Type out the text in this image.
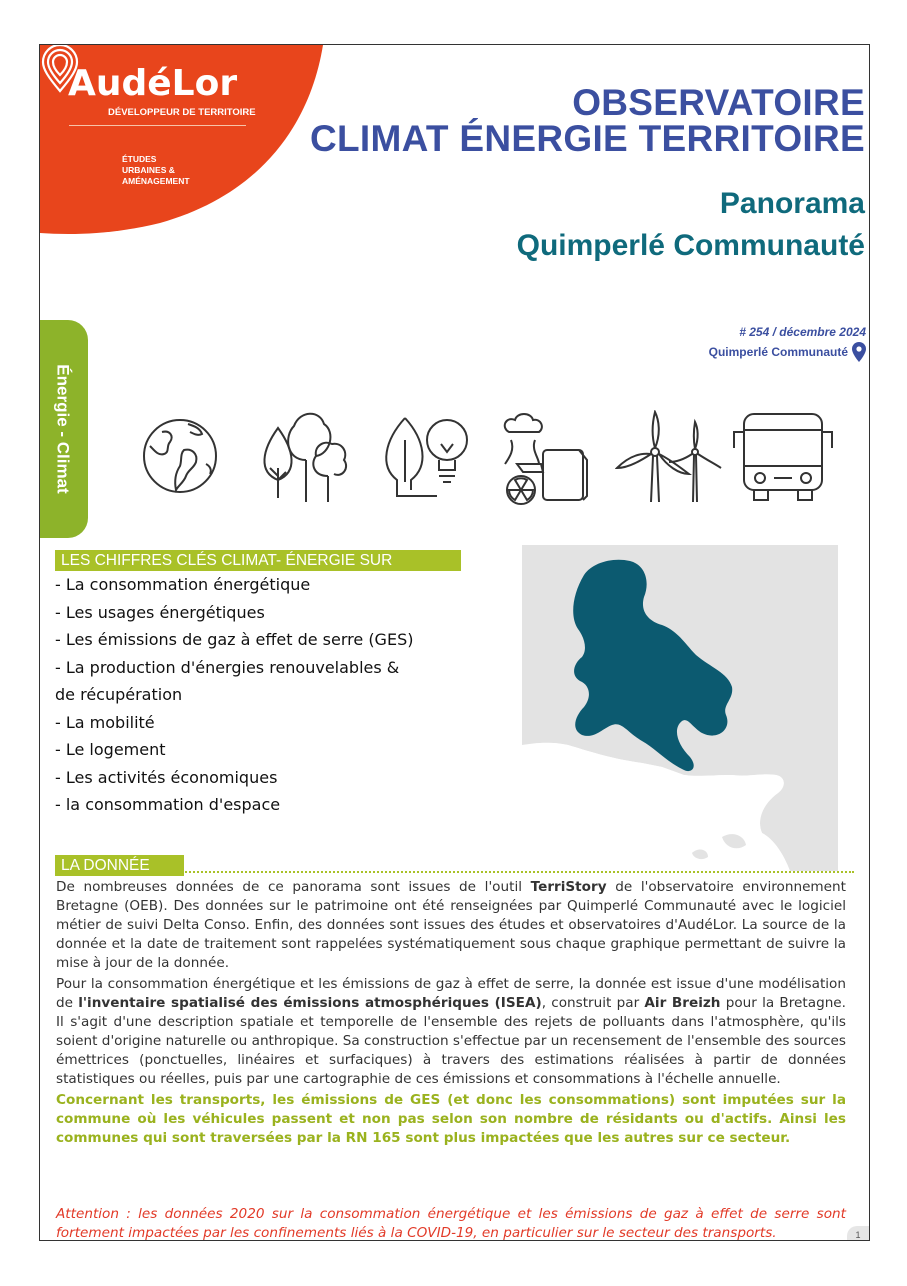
AudéLor
DÉVELOPPEUR DE TERRITOIRE
ÉTUDES
URBAINES &
AMÉNAGEMENT
OBSERVATOIRE
CLIMAT ÉNERGIE TERRITOIRE
Panorama
Quimperlé Communauté
# 254 / décembre 2024
Quimperlé Communauté
Énergie - Climat
LES CHIFFRES CLÉS CLIMAT- ÉNERGIE SUR
- La consommation énergétique
- Les usages énergétiques
- Les émissions de gaz à effet de serre (GES)
- La production d'énergies renouvelables &
de récupération
- La mobilité
- Le logement
- Les activités économiques
- la consommation d'espace
LA DONNÉE

De nombreuses données de ce panorama sont issues de l'outil TerriStory de l'observatoire environnement Bretagne (OEB). Des données sur le patrimoine ont été renseignées par Quimperlé Communauté avec le logiciel métier de suivi Delta Conso. Enfin, des données sont issues des études et observatoires d'AudéLor. La source de la donnée et la date de traitement sont rappelées systématiquement sous chaque graphique permettant de suivre la mise à jour de la donnée.

Pour la consommation énergétique et les émissions de gaz à effet de serre, la donnée est issue d'une modélisation de l'inventaire spatialisé des émissions atmosphériques (ISEA), construit par Air Breizh pour la Bretagne. Il s'agit d'une description spatiale et temporelle de l'ensemble des rejets de polluants dans l'atmosphère, qu'ils soient d'origine naturelle ou anthropique. Sa construction s'effectue par un recensement de l'ensemble des sources émettrices (ponctuelles, linéaires et surfaciques) à travers des estimations réalisées à partir de données statistiques ou réelles, puis par une cartographie de ces émissions et consommations à l'échelle annuelle.

Concernant les transports, les émissions de GES (et donc les consommations) sont imputées sur la commune où les véhicules passent et non pas selon son nombre de résidants ou d'actifs. Ainsi les communes qui sont traversées par la RN 165 sont plus impactées que les autres sur ce secteur.

Attention : les données 2020 sur la consommation énergétique et les émissions de gaz à effet de serre sont fortement impactées par les confinements liés à la COVID-19, en particulier sur le secteur des transports.	1
